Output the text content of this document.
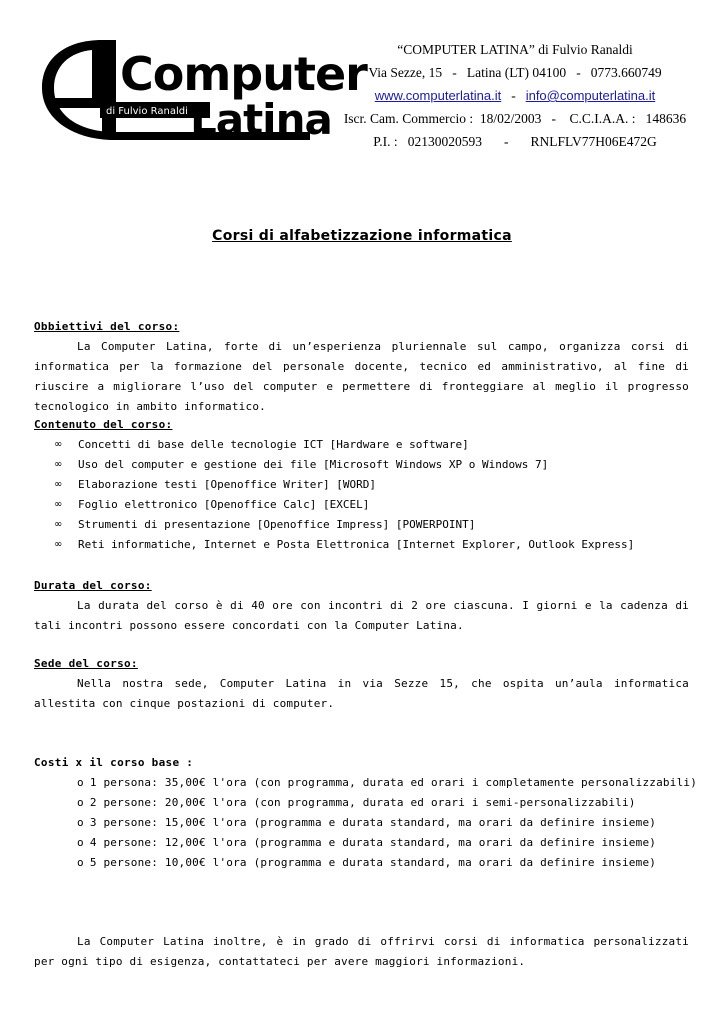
Computer
di Fulvio Ranaldi Latina
“COMPUTER LATINA” di Fulvio Ranaldi
Via Sezze, 15   -   Latina (LT) 04100   -   0773.660749
www.computerlatina.it - info@computerlatina.it
Iscr. Cam. Commercio :  18/02/2003   -    C.C.I.A.A. :   148636
P.I. :   02130020593 - RNLFLV77H06E472G
Corsi di alfabetizzazione informatica
Obbiettivi del corso:
La Computer Latina, forte di un’esperienza pluriennale sul campo, organizza corsi di informatica per la formazione del personale docente, tecnico ed amministrativo, al fine di riuscire a migliorare l’uso del computer e permettere di fronteggiare al meglio il progresso tecnologico in ambito informatico.
Contenuto del corso:
∞	Concetti di base delle tecnologie ICT [Hardware e software]
∞	Uso del computer e gestione dei file [Microsoft Windows XP o Windows 7]
∞	Elaborazione testi [Openoffice Writer] [WORD]
∞	Foglio elettronico [Openoffice Calc] [EXCEL]
∞	Strumenti di presentazione [Openoffice Impress] [POWERPOINT]
∞	Reti informatiche, Internet e Posta Elettronica [Internet Explorer, Outlook Express]
Durata del corso:
La durata del corso è di 40 ore con incontri di 2 ore ciascuna. I giorni e la cadenza di tali incontri possono essere concordati con la Computer Latina.
Sede del corso:
Nella nostra sede, Computer Latina in via Sezze 15, che ospita un’aula informatica allestita con cinque postazioni di computer.
Costi x il corso base :
o 1 persona: 35,00€ l'ora (con programma, durata ed orari i completamente personalizzabili)
o 2 persone: 20,00€ l'ora (con programma, durata ed orari i semi-personalizzabili)
o 3 persone: 15,00€ l'ora (programma e durata standard, ma orari da definire insieme)
o 4 persone: 12,00€ l'ora (programma e durata standard, ma orari da definire insieme)
o 5 persone: 10,00€ l'ora (programma e durata standard, ma orari da definire insieme)
La Computer Latina inoltre, è in grado di offrirvi corsi di informatica personalizzati per ogni tipo di esigenza, contattateci per avere maggiori informazioni.
